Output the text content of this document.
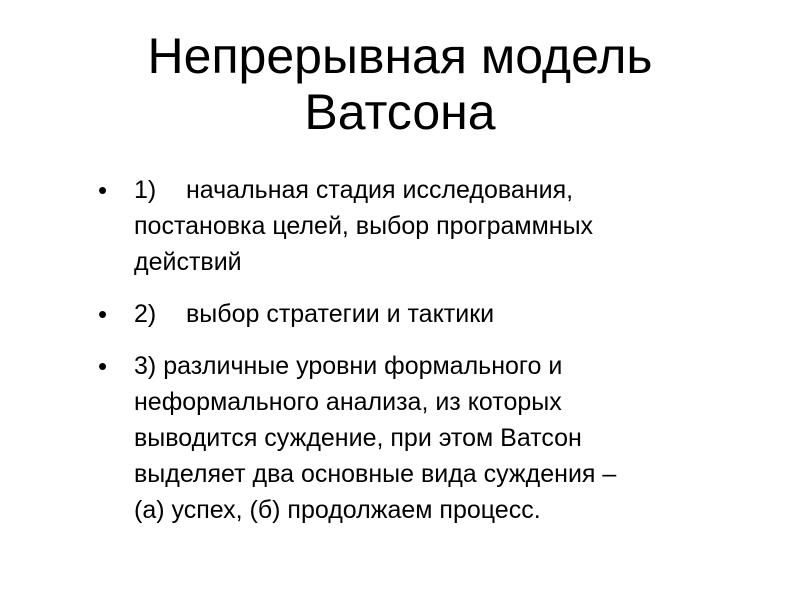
Непрерывная модель
Ватсона
• 1) начальная стадия исследования,
постановка целей, выбор программных
действий
• 2) выбор стратегии и тактики
• 3) различные уровни формального и
неформального анализа, из которых
выводится суждение, при этом Ватсон
выделяет два основные вида суждения –
(а) успех, (б) продолжаем процесс.
